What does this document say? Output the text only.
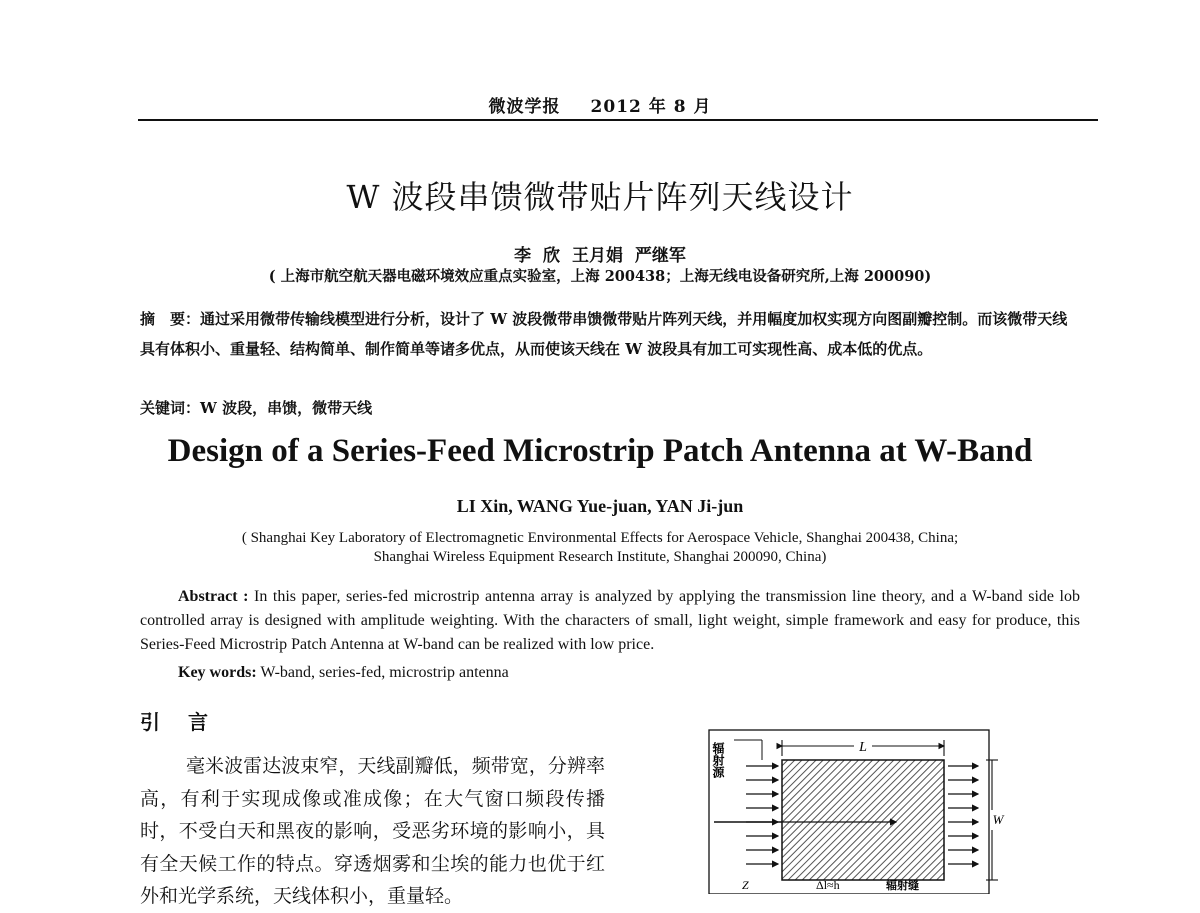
微波学报 2012 年 8 月
W 波段串馈微带贴片阵列天线设计
李 欣 王月娟 严继军
( 上海市航空航天器电磁环境效应重点实验室，上海 200438；上海无线电设备研究所,上海 200090)
摘　要：通过采用微带传输线模型进行分析，设计了 W 波段微带串馈微带贴片阵列天线，并用幅度加权实现方向图副瓣控制。而该微带天线具有体积小、重量轻、结构简单、制作简单等诸多优点，从而使该天线在 W 波段具有加工可实现性高、成本低的优点。
关键词：W 波段，串馈，微带天线
Design of a Series-Feed Microstrip Patch Antenna at W-Band
LI Xin, WANG Yue-juan, YAN Ji-jun
( Shanghai Key Laboratory of Electromagnetic Environmental Effects for Aerospace Vehicle, Shanghai 200438, China;
Shanghai Wireless Equipment Research Institute, Shanghai 200090, China)
Abstract : In this paper, series-fed microstrip antenna array is analyzed by applying the transmission line theory, and a W-band side lob controlled array is designed with amplitude weighting. With the characters of small, light weight, simple framework and easy for produce, this Series-Feed Microstrip Patch Antenna at W-band can be realized with low price.
Key words: W-band, series-fed, microstrip antenna
引 言
毫米波雷达波束窄，天线副瓣低，频带宽，分辨率高，有利于实现成像或准成像；在大气窗口频段传播时，不受白天和黑夜的影响，受恶劣环境的影响小，具有全天候工作的特点。穿透烟雾和尘埃的能力也优于红外和光学系统，天线体积小，重量轻。
L
W
辐射源
Z	Δl≈h	辐射缝
